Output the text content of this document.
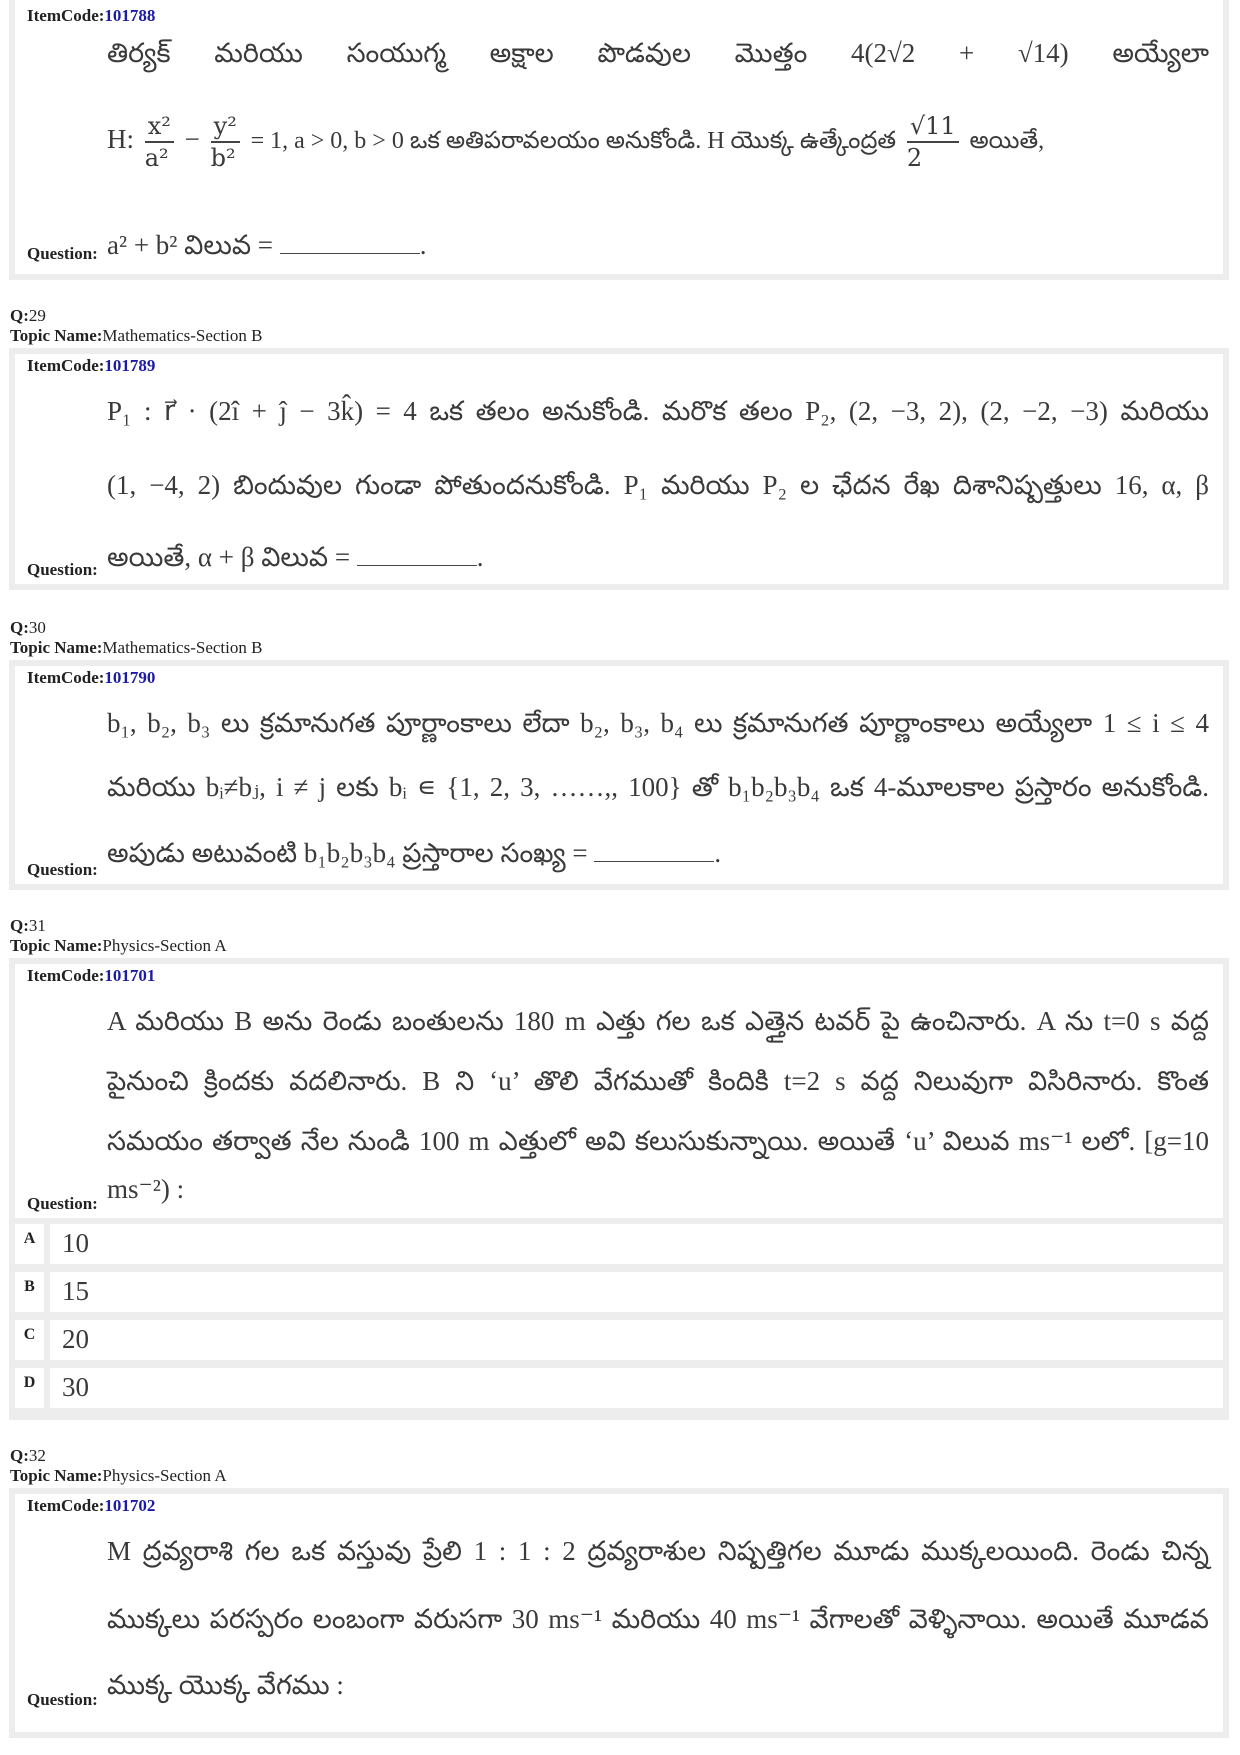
ItemCode:101788
తిర్యక్ మరియు సంయుగ్మ అక్షాల పొడవుల మొత్తం 4(2√2 + √14) అయ్యేలా
H: $\frac{\text{x²}}{\text{a²}} - \frac{\text{y²}}{\text{b²}} = 1$, a > 0, b > 0 ఒక అతిపరావలయం అనుకోండి. H యొక్క ఉత్కేంద్రత $\frac{√11}{2}$ అయితే,
Question: a² + b² విలువ =	.
Q:29
Topic Name:Mathematics-Section B
ItemCode:101789
P₁ : r⃗ · (2î + ĵ − 3k̂) = 4 ఒక తలం అనుకోండి. మరొక తలం P₂, (2, −3, 2), (2, −2, −3) మరియు
(1, −4, 2) బిందువుల గుండా పోతుందనుకోండి. P₁ మరియు P₂ ల ఛేదన రేఖ దిశానిష్పత్తులు 16, α, β
Question: అయితే, α + β విలువ =	.
Q:30
Topic Name:Mathematics-Section B
ItemCode:101790
b₁, b₂, b₃ లు క్రమానుగత పూర్ణాంకాలు లేదా b₂, b₃, b₄ లు క్రమానుగత పూర్ణాంకాలు అయ్యేలా 1 ≤ i ≤ 4
మరియు bᵢ≠bⱼ, i ≠ j లకు bᵢ ∊ {1, 2, 3, ……,, 100} తో b₁b₂b₃b₄ ఒక 4-మూలకాల ప్రస్తారం అనుకోండి.
Question:
అపుడు అటువంటి b₁b₂b₃b₄ ప్రస్తారాల సంఖ్య =	.
Q:31
Topic Name:Physics-Section A
ItemCode:101701
A మరియు B అను రెండు బంతులను 180 m ఎత్తు గల ఒక ఎత్తైన టవర్ పై ఉంచినారు. A ను t=0 s వద్ద
పైనుంచి క్రిందకు వదలినారు. B ని ‘u’ తొలి వేగముతో కిందికి t=2 s వద్ద నిలువుగా విసిరినారు. కొంత
సమయం తర్వాత నేల నుండి 100 m ఎత్తులో అవి కలుసుకున్నాయి. అయితే ‘u’ విలువ ms⁻¹ లలో. [g=10
Question: ms⁻²) :
A 10
B	15
C 20
D 30
Q:32
Topic Name:Physics-Section A
ItemCode:101702
M ద్రవ్యరాశి గల ఒక వస్తువు ప్రేలి 1 : 1 : 2 ద్రవ్యరాశుల నిష్పత్తిగల మూడు ముక్కలయింది. రెండు చిన్న
ముక్కలు పరస్పరం లంబంగా వరుసగా 30 ms⁻¹ మరియు 40 ms⁻¹ వేగాలతో వెళ్ళినాయి. అయితే మూడవ
Question: ముక్క యొక్క వేగము :
